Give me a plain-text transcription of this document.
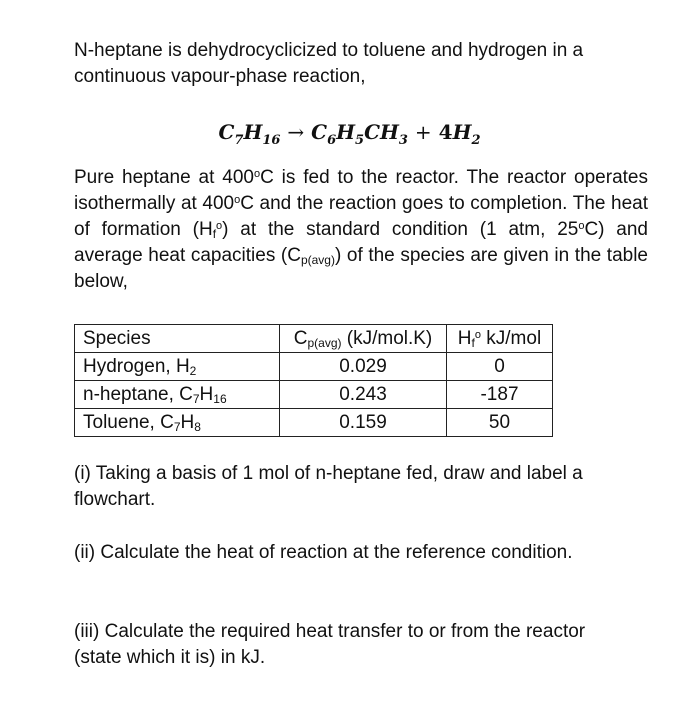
N-heptane is dehydrocyclicized to toluene and hydrogen in a
continuous vapour-phase reaction,

$C_7H_{16} \to C_6H_5CH_3 + 4H_2$

Pure heptane at 400$^o$C is fed to the reactor. The reactor operates isothermally at 400$^o$C and the reaction goes to completion. The heat of formation $(H_f^o)$ at the standard condition (1 atm, 25$^o$C) and average heat capacities $(C_{p(avg)})$ of the species are given in the table below,

Species	$C_{p(avg)}$ (kJ/mol.K)	$H_f^o$ kJ/mol
Hydrogen, $H_2$	0.029	0
n-heptane, $C_7H_{16}$	0.243	-187
Toluene, $C_7H_8$	0.159	50

(i) Taking a basis of 1 mol of n-heptane fed, draw and label a
flowchart.

(ii) Calculate the heat of reaction at the reference condition.

(iii) Calculate the required heat transfer to or from the reactor
(state which it is) in kJ.
